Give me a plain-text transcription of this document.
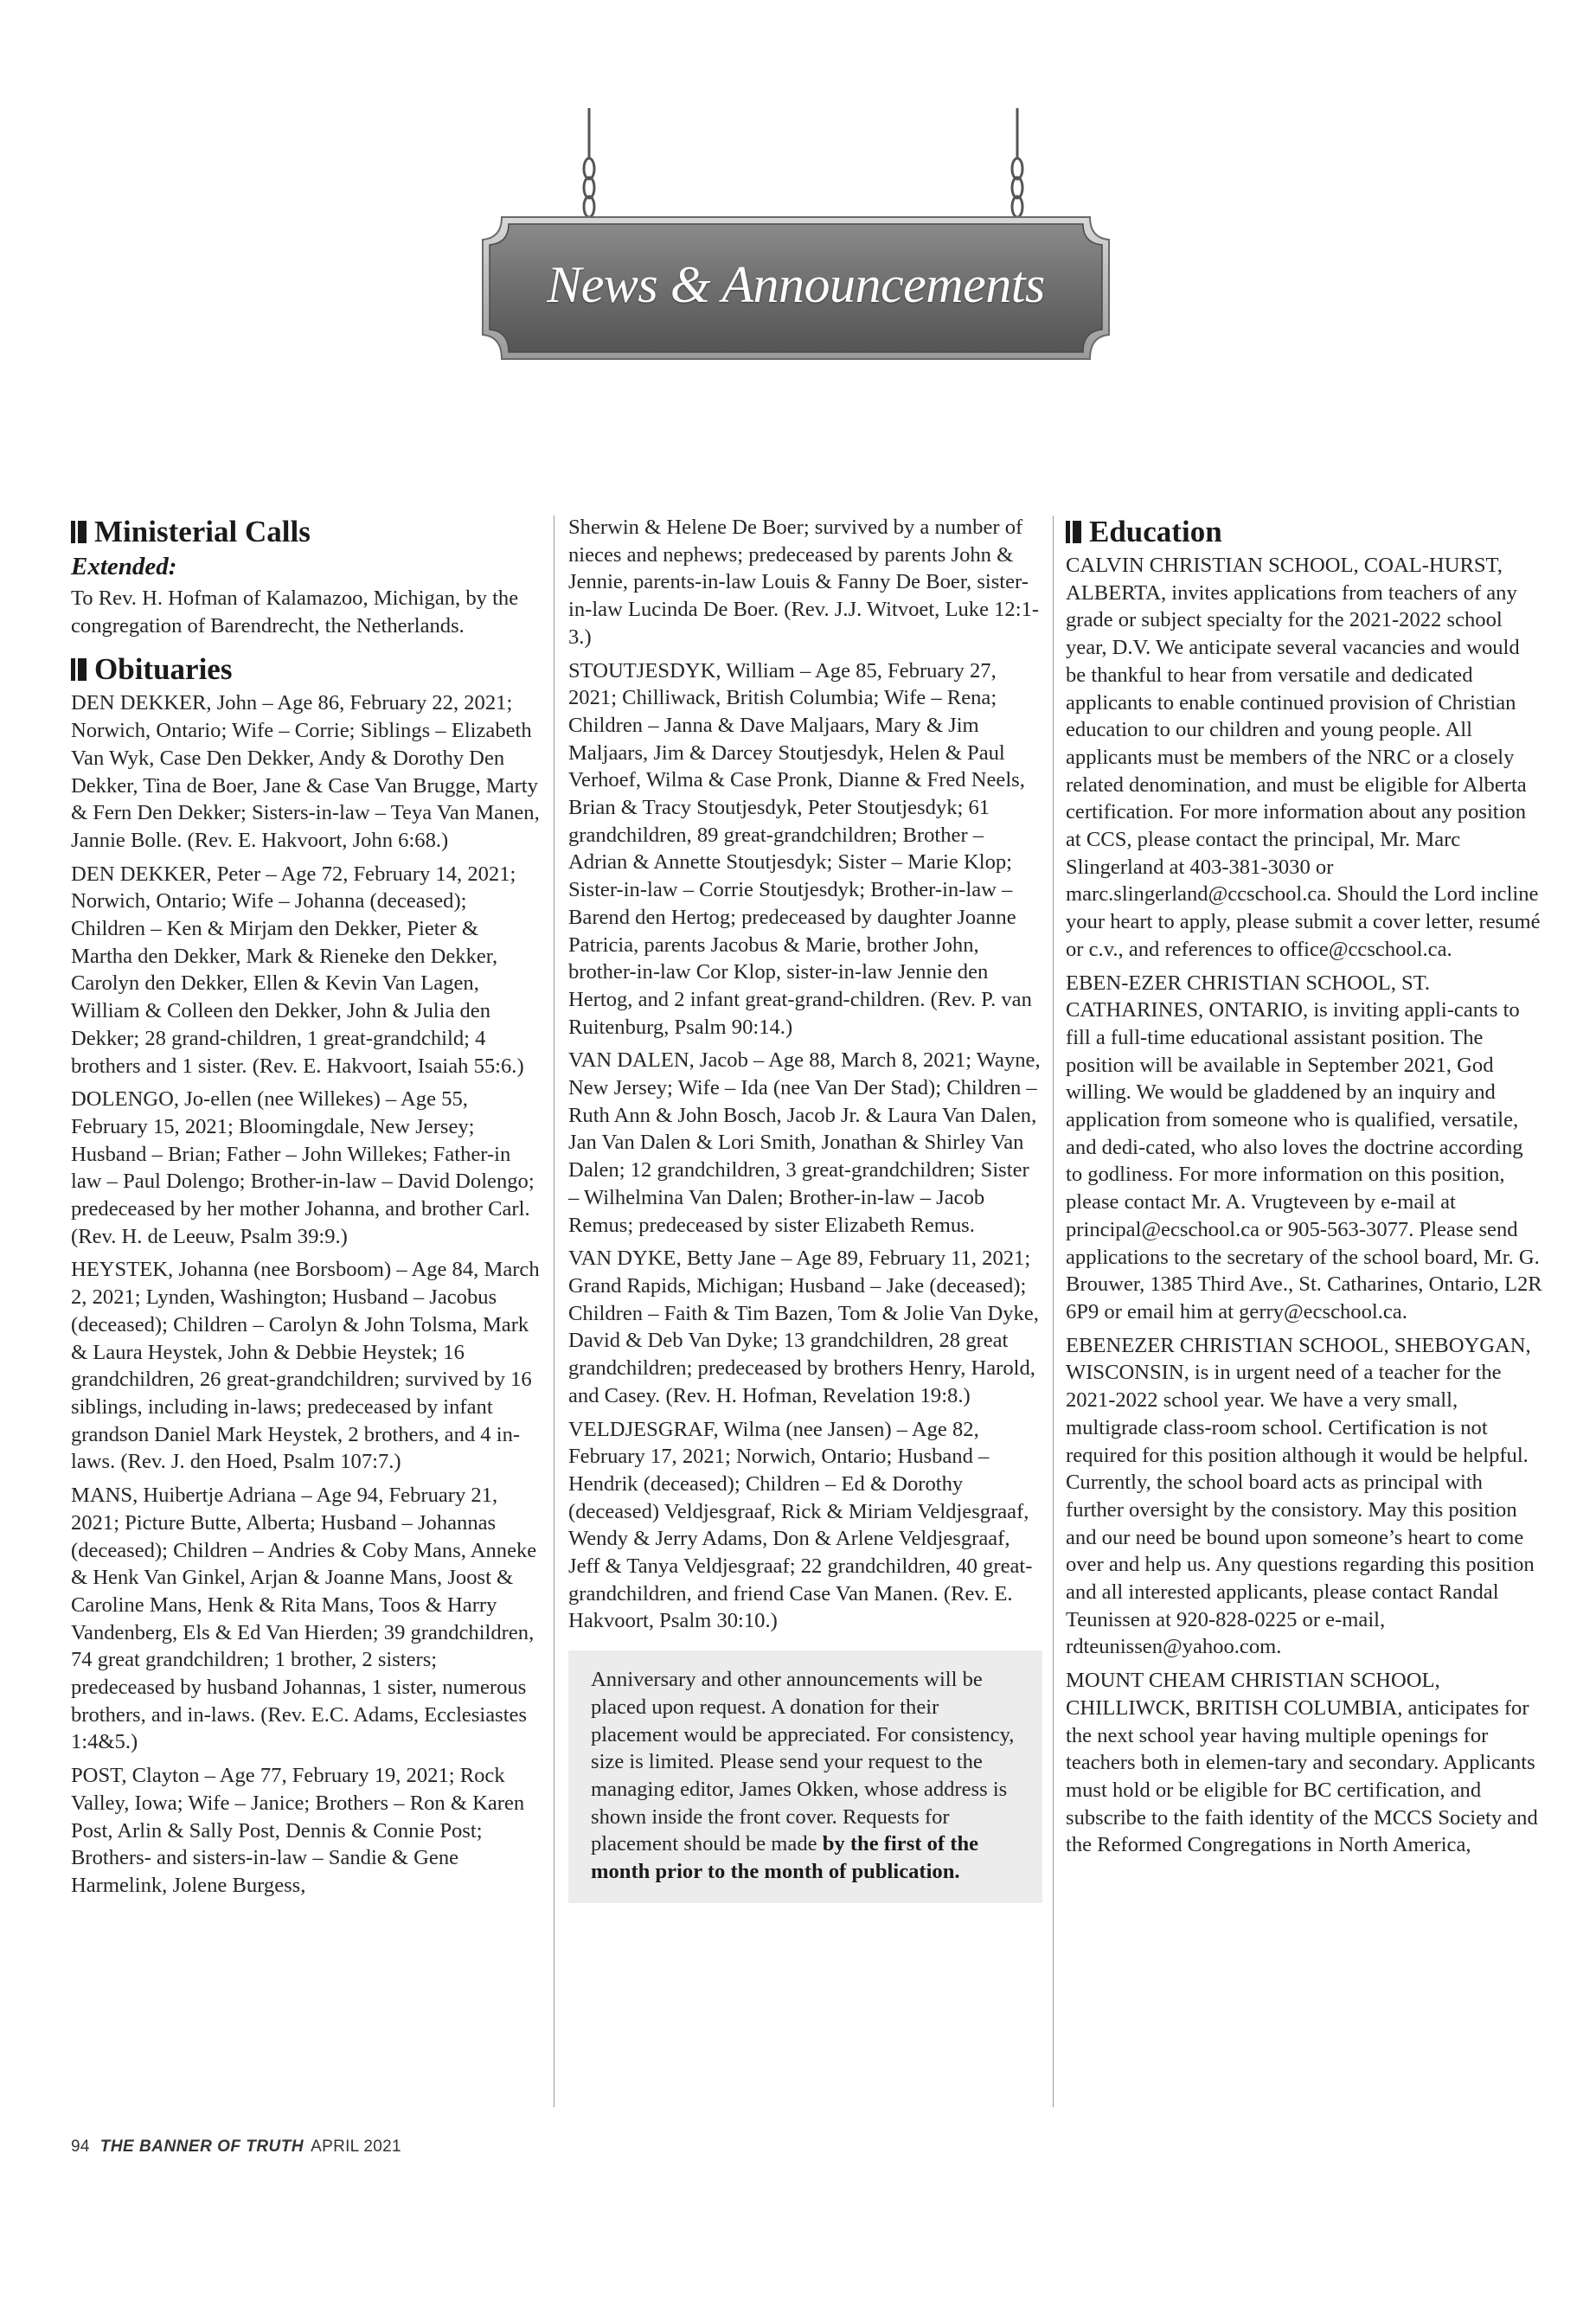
News & Announcements
Ministerial Calls
Extended:

To Rev. H. Hofman of Kalamazoo, Michigan, by the congregation of Barendrecht, the Netherlands.

Obituaries

DEN DEKKER, John – Age 86, February 22, 2021; Norwich, Ontario; Wife – Corrie; Siblings – Elizabeth Van Wyk, Case Den Dekker, Andy & Dorothy Den Dekker, Tina de Boer, Jane & Case Van Brugge, Marty & Fern Den Dekker; Sisters-in-law – Teya Van Manen, Jannie Bolle. (Rev. E. Hakvoort, John 6:68.)

DEN DEKKER, Peter – Age 72, February 14, 2021; Norwich, Ontario; Wife – Johanna (deceased); Children – Ken & Mirjam den Dekker, Pieter & Martha den Dekker, Mark & Rieneke den Dekker, Carolyn den Dekker, Ellen & Kevin Van Lagen, William & Colleen den Dekker, John & Julia den Dekker; 28 grand-children, 1 great-grandchild; 4 brothers and 1 sister. (Rev. E. Hakvoort, Isaiah 55:6.)

DOLENGO, Jo-ellen (nee Willekes) – Age 55, February 15, 2021; Bloomingdale, New Jersey; Husband – Brian; Father – John Willekes; Father-in law – Paul Dolengo; Brother-in-law – David Dolengo; predeceased by her mother Johanna, and brother Carl. (Rev. H. de Leeuw, Psalm 39:9.)

HEYSTEK, Johanna (nee Borsboom) – Age 84, March 2, 2021; Lynden, Washington; Husband – Jacobus (deceased); Children – Carolyn & John Tolsma, Mark & Laura Heystek, John & Debbie Heystek; 16 grandchildren, 26 great-grandchildren; survived by 16 siblings, including in-laws; predeceased by infant grandson Daniel Mark Heystek, 2 brothers, and 4 in-laws. (Rev. J. den Hoed, Psalm 107:7.)

MANS, Huibertje Adriana – Age 94, February 21, 2021; Picture Butte, Alberta; Husband – Johannas (deceased); Children – Andries & Coby Mans, Anneke & Henk Van Ginkel, Arjan & Joanne Mans, Joost & Caroline Mans, Henk & Rita Mans, Toos & Harry Vandenberg, Els & Ed Van Hierden; 39 grandchildren, 74 great grandchildren; 1 brother, 2 sisters; predeceased by husband Johannas, 1 sister, numerous brothers, and in-laws. (Rev. E.C. Adams, Ecclesiastes 1:4&5.)

POST, Clayton – Age 77, February 19, 2021; Rock Valley, Iowa; Wife – Janice; Brothers – Ron & Karen Post, Arlin & Sally Post, Dennis & Connie Post; Brothers- and sisters-in-law – Sandie & Gene Harmelink, Jolene Burgess,

Sherwin & Helene De Boer; survived by a number of nieces and nephews; predeceased by parents John & Jennie, parents-in-law Louis & Fanny De Boer, sister-in-law Lucinda De Boer. (Rev. J.J. Witvoet, Luke 12:1-3.)

STOUTJESDYK, William – Age 85, February 27, 2021; Chilliwack, British Columbia; Wife – Rena; Children – Janna & Dave Maljaars, Mary & Jim Maljaars, Jim & Darcey Stoutjesdyk, Helen & Paul Verhoef, Wilma & Case Pronk, Dianne & Fred Neels, Brian & Tracy Stoutjesdyk, Peter Stoutjesdyk; 61 grandchildren, 89 great-grandchildren; Brother – Adrian & Annette Stoutjesdyk; Sister – Marie Klop; Sister-in-law – Corrie Stoutjesdyk; Brother-in-law – Barend den Hertog; predeceased by daughter Joanne Patricia, parents Jacobus & Marie, brother John, brother-in-law Cor Klop, sister-in-law Jennie den Hertog, and 2 infant great-grand-children. (Rev. P. van Ruitenburg, Psalm 90:14.)

VAN DALEN, Jacob – Age 88, March 8, 2021; Wayne, New Jersey; Wife – Ida (nee Van Der Stad); Children – Ruth Ann & John Bosch, Jacob Jr. & Laura Van Dalen, Jan Van Dalen & Lori Smith, Jonathan & Shirley Van Dalen; 12 grandchildren, 3 great-grandchildren; Sister – Wilhelmina Van Dalen; Brother-in-law – Jacob Remus; predeceased by sister Elizabeth Remus.

VAN DYKE, Betty Jane – Age 89, February 11, 2021; Grand Rapids, Michigan; Husband – Jake (deceased); Children – Faith & Tim Bazen, Tom & Jolie Van Dyke, David & Deb Van Dyke; 13 grandchildren, 28 great grandchildren; predeceased by brothers Henry, Harold, and Casey. (Rev. H. Hofman, Revelation 19:8.)

VELDJESGRAF, Wilma (nee Jansen) – Age 82, February 17, 2021; Norwich, Ontario; Husband – Hendrik (deceased); Children – Ed & Dorothy (deceased) Veldjesgraaf, Rick & Miriam Veldjesgraaf, Wendy & Jerry Adams, Don & Arlene Veldjesgraaf, Jeff & Tanya Veldjesgraaf; 22 grandchildren, 40 great-grandchildren, and friend Case Van Manen. (Rev. E. Hakvoort, Psalm 30:10.)

Anniversary and other announcements will be placed upon request. A donation for their placement would be appreciated. For consistency, size is limited. Please send your request to the managing editor, James Okken, whose address is shown inside the front cover. Requests for placement should be made by the first of the month prior to the month of publication.
Education

CALVIN CHRISTIAN SCHOOL, COAL-HURST, ALBERTA, invites applications from teachers of any grade or subject specialty for the 2021-2022 school year, D.V. We anticipate several vacancies and would be thankful to hear from versatile and dedicated applicants to enable continued provision of Christian education to our children and young people. All applicants must be members of the NRC or a closely related denomination, and must be eligible for Alberta certification. For more information about any position at CCS, please contact the principal, Mr. Marc Slingerland at 403-381-3030 or marc.slingerland@ccschool.ca. Should the Lord incline your heart to apply, please submit a cover letter, resumé or c.v., and references to office@ccschool.ca.

EBEN-EZER CHRISTIAN SCHOOL, ST. CATHARINES, ONTARIO, is inviting appli-cants to fill a full-time educational assistant position. The position will be available in September 2021, God willing. We would be gladdened by an inquiry and application from someone who is qualified, versatile, and dedi-cated, who also loves the doctrine according to godliness. For more information on this position, please contact Mr. A. Vrugteveen by e-mail at principal@ecschool.ca or 905-563-3077. Please send applications to the secretary of the school board, Mr. G. Brouwer, 1385 Third Ave., St. Catharines, Ontario, L2R 6P9 or email him at gerry@ecschool.ca.

EBENEZER CHRISTIAN SCHOOL, SHEBOYGAN, WISCONSIN, is in urgent need of a teacher for the 2021-2022 school year. We have a very small, multigrade class-room school. Certification is not required for this position although it would be helpful. Currently, the school board acts as principal with further oversight by the consistory. May this position and our need be bound upon someone’s heart to come over and help us. Any questions regarding this position and all interested applicants, please contact Randal Teunissen at 920-828-0225 or e-mail, rdteunissen@yahoo.com.

MOUNT CHEAM CHRISTIAN SCHOOL, CHILLIWCK, BRITISH COLUMBIA, anticipates for the next school year having multiple openings for teachers both in elemen-tary and secondary. Applicants must hold or be eligible for BC certification, and subscribe to the faith identity of the MCCS Society and the Reformed Congregations in North America,

94 THE BANNER OF TRUTH APRIL 2021
